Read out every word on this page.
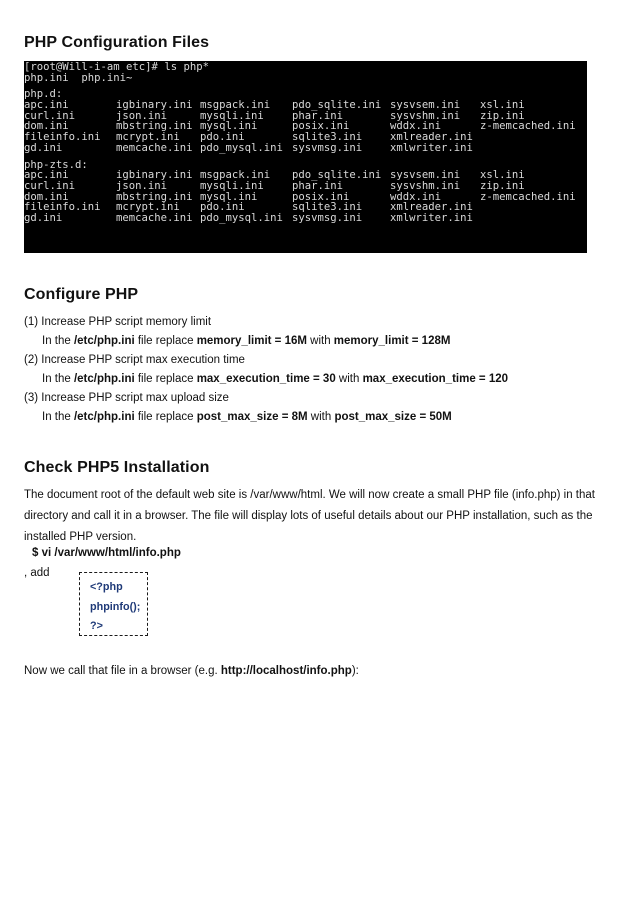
PHP Configuration Files
[root@Will-i-am etc]# ls php*
php.ini  php.ini~
php.d:
apc.ini	igbinary.ini msgpack.ini pdo_sqlite.ini sysvsem.ini xsl.ini
curl.ini	json.ini	mysqli.ini	phar.ini	sysvshm.ini zip.ini
dom.ini	mbstring.ini mysql.ini	posix.ini	wddx.ini	z-memcached.ini
fileinfo.ini mcrypt.ini pdo.ini	sqlite3.ini	xmlreader.ini
gd.ini	memcache.ini pdo_mysql.ini sysvmsg.ini	xmlwriter.ini
php-zts.d:
apc.ini	igbinary.ini msgpack.ini pdo_sqlite.ini sysvsem.ini xsl.ini
curl.ini	json.ini	mysqli.ini	phar.ini	sysvshm.ini zip.ini
dom.ini	mbstring.ini mysql.ini	posix.ini	wddx.ini	z-memcached.ini
fileinfo.ini mcrypt.ini pdo.ini	sqlite3.ini	xmlreader.ini
gd.ini	memcache.ini pdo_mysql.ini sysvmsg.ini	xmlwriter.ini
Configure PHP
(1) Increase PHP script memory limit
In the /etc/php.ini file replace memory_limit = 16M with memory_limit = 128M
(2) Increase PHP script max execution time
In the /etc/php.ini file replace max_execution_time = 30 with max_execution_time = 120
(3) Increase PHP script max upload size
In the /etc/php.ini file replace post_max_size = 8M with post_max_size = 50M
Check PHP5 Installation

The document root of the default web site is /var/www/html. We will now create a small PHP file (info.php) in that directory and call it in a browser. The file will display lots of useful details about our PHP installation, such as the installed PHP version.

$ vi /var/www/html/info.php
, add
<?php
phpinfo();
?>
Now we call that file in a browser (e.g. http://localhost/info.php):
